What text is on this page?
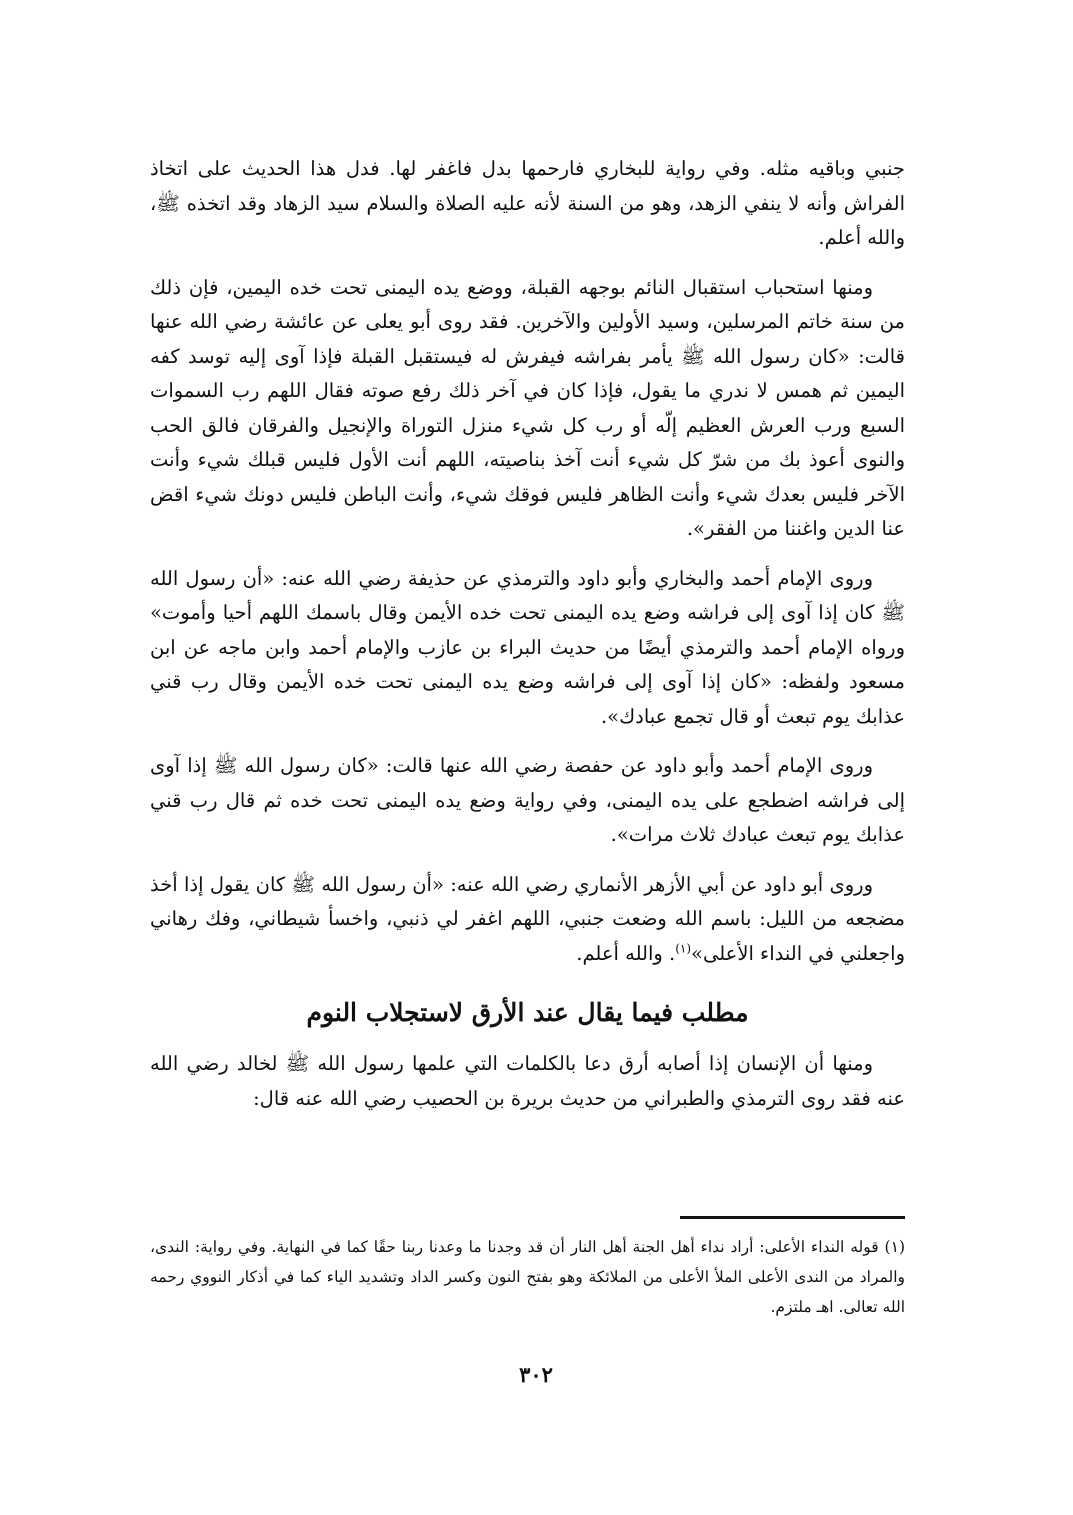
جنبي وباقيه مثله. وفي رواية للبخاري فارحمها بدل فاغفر لها. فدل هذا الحديث على اتخاذ الفراش وأنه لا ينفي الزهد، وهو من السنة لأنه عليه الصلاة والسلام سيد الزهاد وقد اتخذه ﷺ، والله أعلم.

ومنها استحباب استقبال النائم بوجهه القبلة، ووضع يده اليمنى تحت خده اليمين، فإن ذلك من سنة خاتم المرسلين، وسيد الأولين والآخرين. فقد روى أبو يعلى عن عائشة رضي الله عنها قالت: «كان رسول الله ﷺ يأمر بفراشه فيفرش له فيستقبل القبلة فإذا آوى إليه توسد كفه اليمين ثم همس لا ندري ما يقول، فإذا كان في آخر ذلك رفع صوته فقال اللهم رب السموات السبع ورب العرش العظيم إلّه أو رب كل شيء منزل التوراة والإنجيل والفرقان فالق الحب والنوى أعوذ بك من شرّ كل شيء أنت آخذ بناصيته، اللهم أنت الأول فليس قبلك شيء وأنت الآخر فليس بعدك شيء وأنت الظاهر فليس فوقك شيء، وأنت الباطن فليس دونك شيء اقض عنا الدين واغننا من الفقر».

وروى الإمام أحمد والبخاري وأبو داود والترمذي عن حذيفة رضي الله عنه: «أن رسول الله ﷺ كان إذا آوى إلى فراشه وضع يده اليمنى تحت خده الأيمن وقال باسمك اللهم أحيا وأموت» ورواه الإمام أحمد والترمذي أيضًا من حديث البراء بن عازب والإمام أحمد وابن ماجه عن ابن مسعود ولفظه: «كان إذا آوى إلى فراشه وضع يده اليمنى تحت خده الأيمن وقال رب قني عذابك يوم تبعث أو قال تجمع عبادك».

وروى الإمام أحمد وأبو داود عن حفصة رضي الله عنها قالت: «كان رسول الله ﷺ إذا آوى إلى فراشه اضطجع على يده اليمنى، وفي رواية وضع يده اليمنى تحت خده ثم قال رب قني عذابك يوم تبعث عبادك ثلاث مرات».

وروى أبو داود عن أبي الأزهر الأنماري رضي الله عنه: «أن رسول الله ﷺ كان يقول إذا أخذ مضجعه من الليل: باسم الله وضعت جنبي، اللهم اغفر لي ذنبي، واخسأ شيطاني، وفك رهاني واجعلني في النداء الأعلى»$^{(١)}$. والله أعلم.

مطلب فيما يقال عند الأرق لاستجلاب النوم

ومنها أن الإنسان إذا أصابه أرق دعا بالكلمات التي علمها رسول الله ﷺ لخالد رضي الله عنه فقد روى الترمذي والطبراني من حديث بريرة بن الحصيب رضي الله عنه قال:

(١) قوله النداء الأعلى: أراد نداء أهل الجنة أهل النار أن قد وجدنا ما وعدنا ربنا حقًا كما في النهاية. وفي رواية: الندى، والمراد من الندى الأعلى الملأ الأعلى من الملائكة وهو بفتح النون وكسر الداد وتشديد الياء كما في أذكار النووي رحمه الله تعالى. اهـ ملتزم.
٣٠٢
